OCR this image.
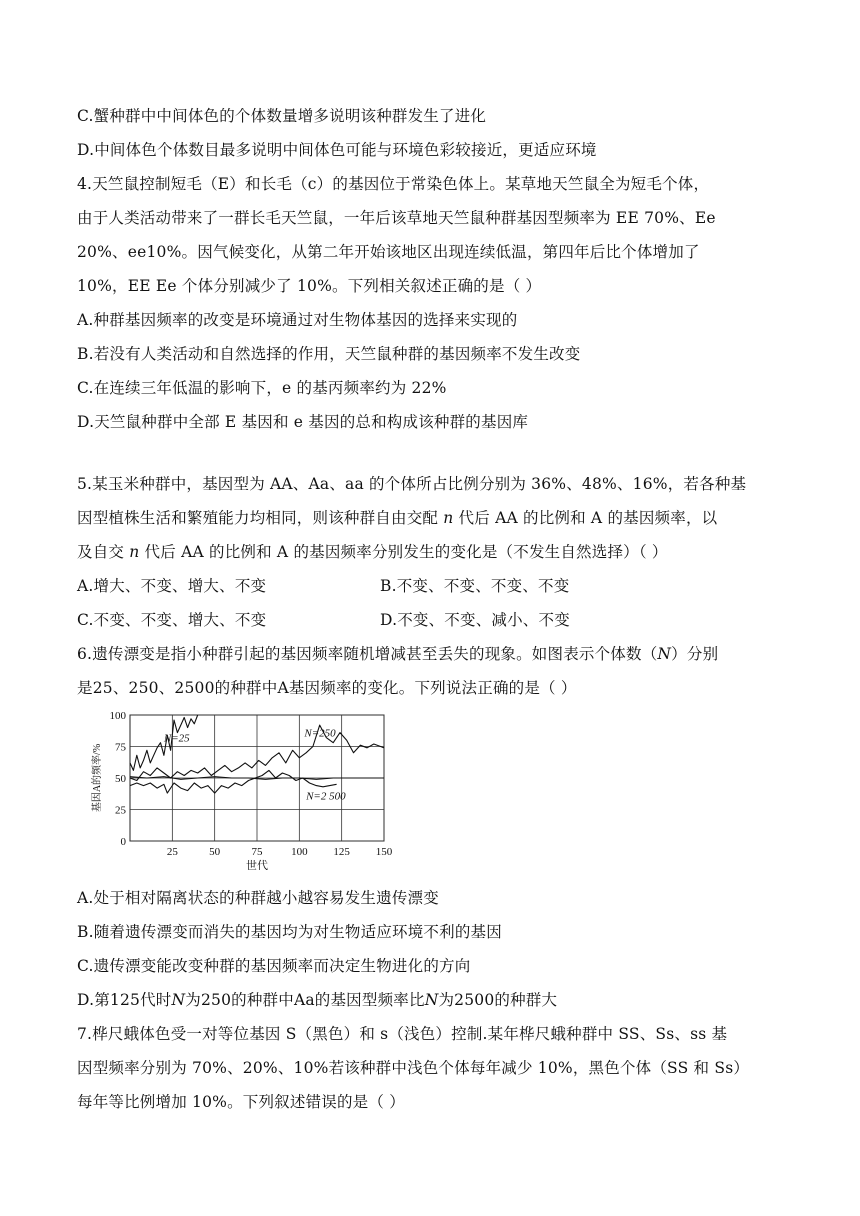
C.蟹种群中中间体色的个体数量增多说明该种群发生了进化

D.中间体色个体数目最多说明中间体色可能与环境色彩较接近，更适应环境

4.天竺鼠控制短毛（E）和长毛（c）的基因位于常染色体上。某草地天竺鼠全为短毛个体，

由于人类活动带来了一群长毛天竺鼠，一年后该草地天竺鼠种群基因型频率为 EE 70%、Ee

20%、ee10%。因气候变化，从第二年开始该地区出现连续低温，第四年后比个体增加了

10%，EE Ee 个体分别减少了 10%。下列相关叙述正确的是（ ）

A.种群基因频率的改变是环境通过对生物体基因的选择来实现的

B.若没有人类活动和自然选择的作用，天竺鼠种群的基因频率不发生改变

C.在连续三年低温的影响下，e 的基丙频率约为 22%

D.天竺鼠种群中全部 E 基因和 e 基因的总和构成该种群的基因库

5.某玉米种群中，基因型为 AA、Aa、aa 的个体所占比例分别为 36%、48%、16%，若各种基

因型植株生活和繁殖能力均相同，则该种群自由交配 n 代后 AA 的比例和 A 的基因频率，以

及自交 n 代后 AA 的比例和 A 的基因频率分别发生的变化是（不发生自然选择）（ ）

A.增大、不变、增大、不变	B.不变、不变、不变、不变

C.不变、不变、增大、不变	D.不变、不变、减小、不变

6.遗传漂变是指小种群引起的基因频率随机增减甚至丢失的现象。如图表示个体数（N）分别

是25、250、2500的种群中A基因频率的变化。下列说法正确的是（ ）

0
25
50
75
100
25	50	75	100 125 150
N=25	N=250
N=2 500
世代
基因A的频率/%

A.处于相对隔离状态的种群越小越容易发生遗传漂变

B.随着遗传漂变而消失的基因均为对生物适应环境不利的基因

C.遗传漂变能改变种群的基因频率而决定生物进化的方向

D.第125代时N为250的种群中Aa的基因型频率比N为2500的种群大

7.桦尺蛾体色受一对等位基因 S（黑色）和 s（浅色）控制.某年桦尺蛾种群中 SS、Ss、ss 基

因型频率分别为 70%、20%、10%若该种群中浅色个体每年减少 10%，黑色个体（SS 和 Ss）

每年等比例增加 10%。下列叙述错误的是（ ）
